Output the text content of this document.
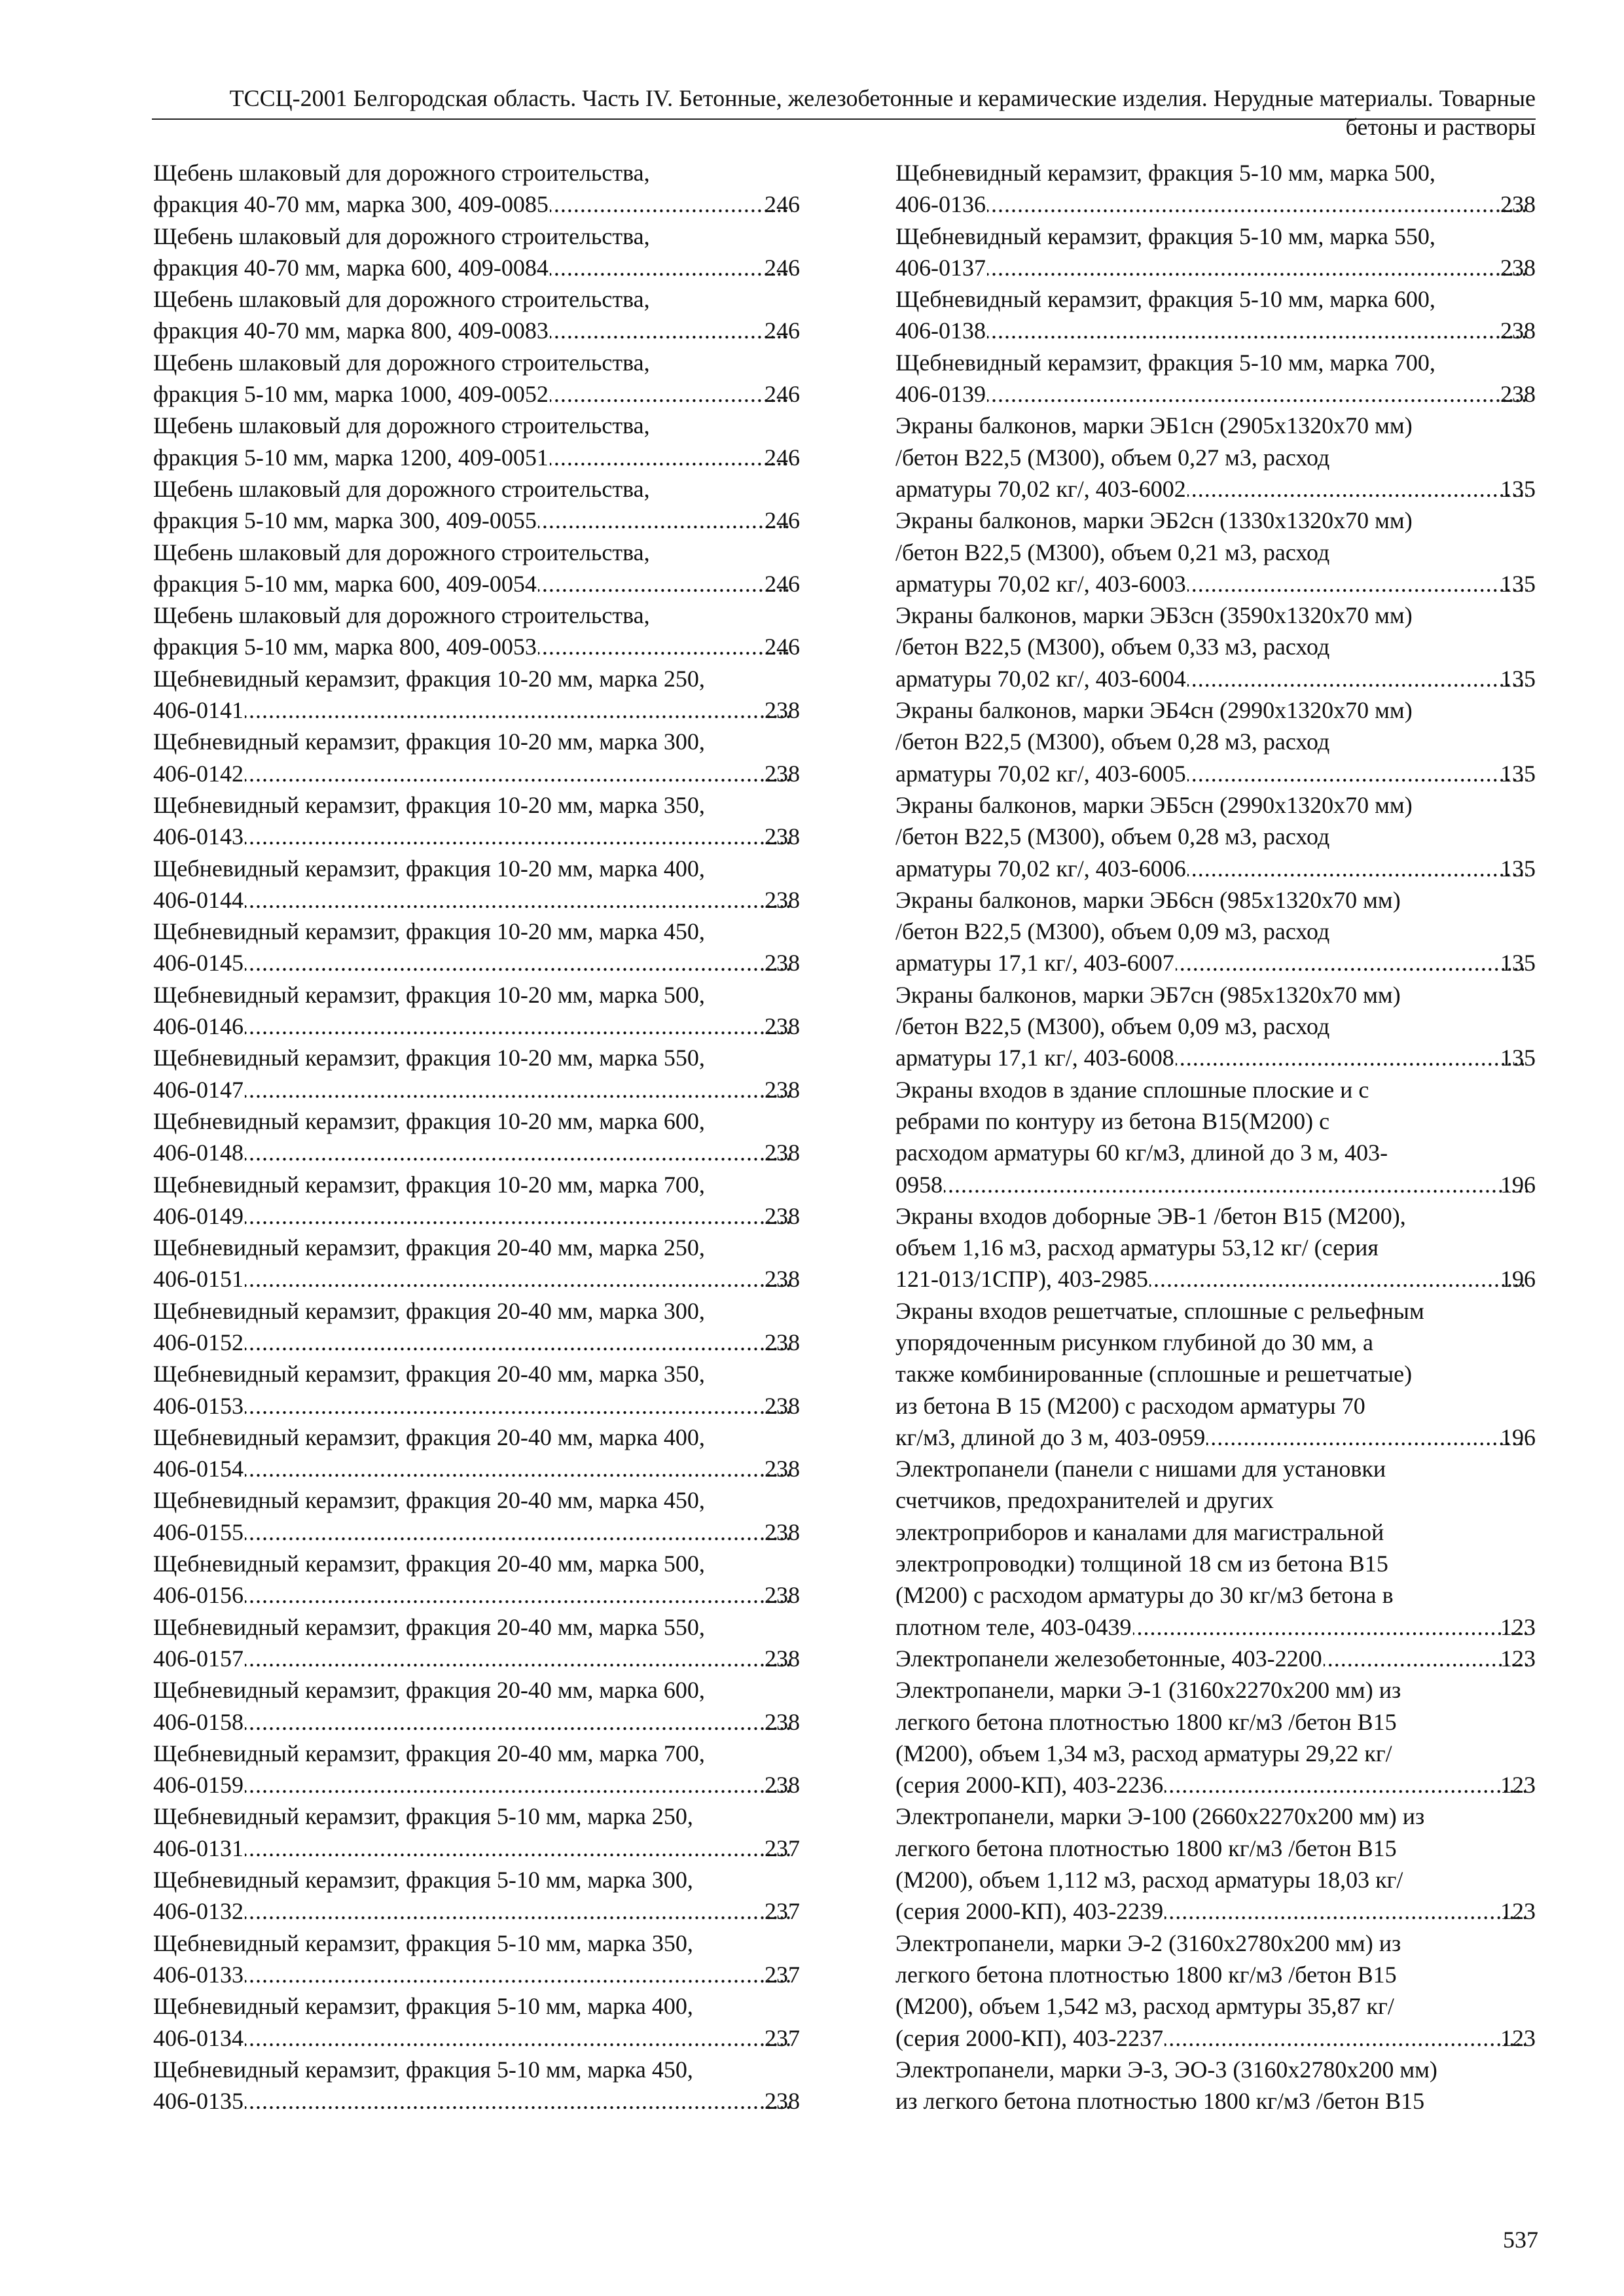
ТССЦ-2001 Белгородская область. Часть IV. Бетонные, железобетонные и керамические изделия. Нерудные материалы. Товарные бетоны и растворы
Щебень шлаковый для дорожного строительства,
фракция 40-70 мм, марка 300, 409-0085 .....	246
Щебень шлаковый для дорожного строительства,
фракция 40-70 мм, марка 600, 409-0084 .....	246
Щебень шлаковый для дорожного строительства,
фракция 40-70 мм, марка 800, 409-0083 .....	246
Щебень шлаковый для дорожного строительства,
фракция 5-10 мм, марка 1000, 409-0052 .....	246
Щебень шлаковый для дорожного строительства,
фракция 5-10 мм, марка 1200, 409-0051 .....	246
Щебень шлаковый для дорожного строительства,
фракция 5-10 мм, марка 300, 409-0055 .....	246
Щебень шлаковый для дорожного строительства,
фракция 5-10 мм, марка 600, 409-0054 .....	246
Щебень шлаковый для дорожного строительства,
фракция 5-10 мм, марка 800, 409-0053 .....	246
Щебневидный керамзит, фракция 10-20 мм, марка 250,
406-0141 .....	238
Щебневидный керамзит, фракция 10-20 мм, марка 300,
406-0142 .....	238
Щебневидный керамзит, фракция 10-20 мм, марка 350,
406-0143 .....	238
Щебневидный керамзит, фракция 10-20 мм, марка 400,
406-0144 .....	238
Щебневидный керамзит, фракция 10-20 мм, марка 450,
406-0145 .....	238
Щебневидный керамзит, фракция 10-20 мм, марка 500,
406-0146 .....	238
Щебневидный керамзит, фракция 10-20 мм, марка 550,
406-0147 .....	238
Щебневидный керамзит, фракция 10-20 мм, марка 600,
406-0148 .....	238
Щебневидный керамзит, фракция 10-20 мм, марка 700,
406-0149 .....	238
Щебневидный керамзит, фракция 20-40 мм, марка 250,
406-0151 .....	238
Щебневидный керамзит, фракция 20-40 мм, марка 300,
406-0152 .....	238
Щебневидный керамзит, фракция 20-40 мм, марка 350,
406-0153 .....	238
Щебневидный керамзит, фракция 20-40 мм, марка 400,
406-0154 .....	238
Щебневидный керамзит, фракция 20-40 мм, марка 450,
406-0155 .....	238
Щебневидный керамзит, фракция 20-40 мм, марка 500,
406-0156 .....	238
Щебневидный керамзит, фракция 20-40 мм, марка 550,
406-0157 .....	238
Щебневидный керамзит, фракция 20-40 мм, марка 600,
406-0158 .....	238
Щебневидный керамзит, фракция 20-40 мм, марка 700,
406-0159 .....	238
Щебневидный керамзит, фракция 5-10 мм, марка 250,
406-0131 .....	237
Щебневидный керамзит, фракция 5-10 мм, марка 300,
406-0132 .....	237
Щебневидный керамзит, фракция 5-10 мм, марка 350,
406-0133 .....	237
Щебневидный керамзит, фракция 5-10 мм, марка 400,
406-0134 .....	237
Щебневидный керамзит, фракция 5-10 мм, марка 450,
406-0135 .....	238
Щебневидный керамзит, фракция 5-10 мм, марка 500,
406-0136 .....	238
Щебневидный керамзит, фракция 5-10 мм, марка 550,
406-0137 .....	238
Щебневидный керамзит, фракция 5-10 мм, марка 600,
406-0138 .....	238
Щебневидный керамзит, фракция 5-10 мм, марка 700,
406-0139 .....	238
Экраны балконов, марки ЭБ1сн (2905х1320х70 мм)
/бетон В22,5 (М300), объем 0,27 м3, расход
арматуры 70,02 кг/, 403-6002 .....	135
Экраны балконов, марки ЭБ2сн (1330х1320х70 мм)
/бетон В22,5 (М300), объем 0,21 м3, расход
арматуры 70,02 кг/, 403-6003 .....	135
Экраны балконов, марки ЭБ3сн (3590х1320х70 мм)
/бетон В22,5 (М300), объем 0,33 м3, расход
арматуры 70,02 кг/, 403-6004 .....	135
Экраны балконов, марки ЭБ4сн (2990х1320х70 мм)
/бетон В22,5 (М300), объем 0,28 м3, расход
арматуры 70,02 кг/, 403-6005 .....	135
Экраны балконов, марки ЭБ5сн (2990х1320х70 мм)
/бетон В22,5 (М300), объем 0,28 м3, расход
арматуры 70,02 кг/, 403-6006 .....	135
Экраны балконов, марки ЭБ6сн (985х1320х70 мм)
/бетон В22,5 (М300), объем 0,09 м3, расход
арматуры 17,1 кг/, 403-6007 .....	135
Экраны балконов, марки ЭБ7сн (985х1320х70 мм)
/бетон В22,5 (М300), объем 0,09 м3, расход
арматуры 17,1 кг/, 403-6008 .....	135
Экраны входов в здание сплошные плоские и с
ребрами по контуру из бетона В15(М200) с
расходом арматуры 60 кг/м3, длиной до 3 м, 403-
0958 .....	196
Экраны входов доборные ЭВ-1 /бетон В15 (М200),
объем 1,16 м3, расход арматуры 53,12 кг/ (серия
121-013/1СПР), 403-2985 .....	196
Экраны входов решетчатые, сплошные с рельефным
упорядоченным рисунком глубиной до 30 мм, а
также комбинированные (сплошные и решетчатые)
из бетона В 15 (М200) с расходом арматуры 70
кг/м3, длиной до 3 м, 403-0959 .....	196
Электропанели (панели с нишами для установки
счетчиков, предохранителей и других
электроприборов и каналами для магистральной
электропроводки) толщиной 18 см из бетона В15
(М200) с расходом арматуры до 30 кг/м3 бетона в
плотном теле, 403-0439 .....	123
Электропанели железобетонные, 403-2200 .....	123
Электропанели, марки Э-1 (3160х2270х200 мм) из
легкого бетона плотностью 1800 кг/м3 /бетон В15
(М200), объем 1,34 м3, расход арматуры 29,22 кг/
(серия 2000-КП), 403-2236 .....	123
Электропанели, марки Э-100 (2660х2270х200 мм) из
легкого бетона плотностью 1800 кг/м3 /бетон В15
(М200), объем 1,112 м3, расход арматуры 18,03 кг/
(серия 2000-КП), 403-2239 .....	123
Электропанели, марки Э-2 (3160х2780х200 мм) из
легкого бетона плотностью 1800 кг/м3 /бетон В15
(М200), объем 1,542 м3, расход армтуры 35,87 кг/
(серия 2000-КП), 403-2237 .....	123
Электропанели, марки Э-3, ЭО-3 (3160х2780х200 мм)
из легкого бетона плотностью 1800 кг/м3 /бетон В15
537
